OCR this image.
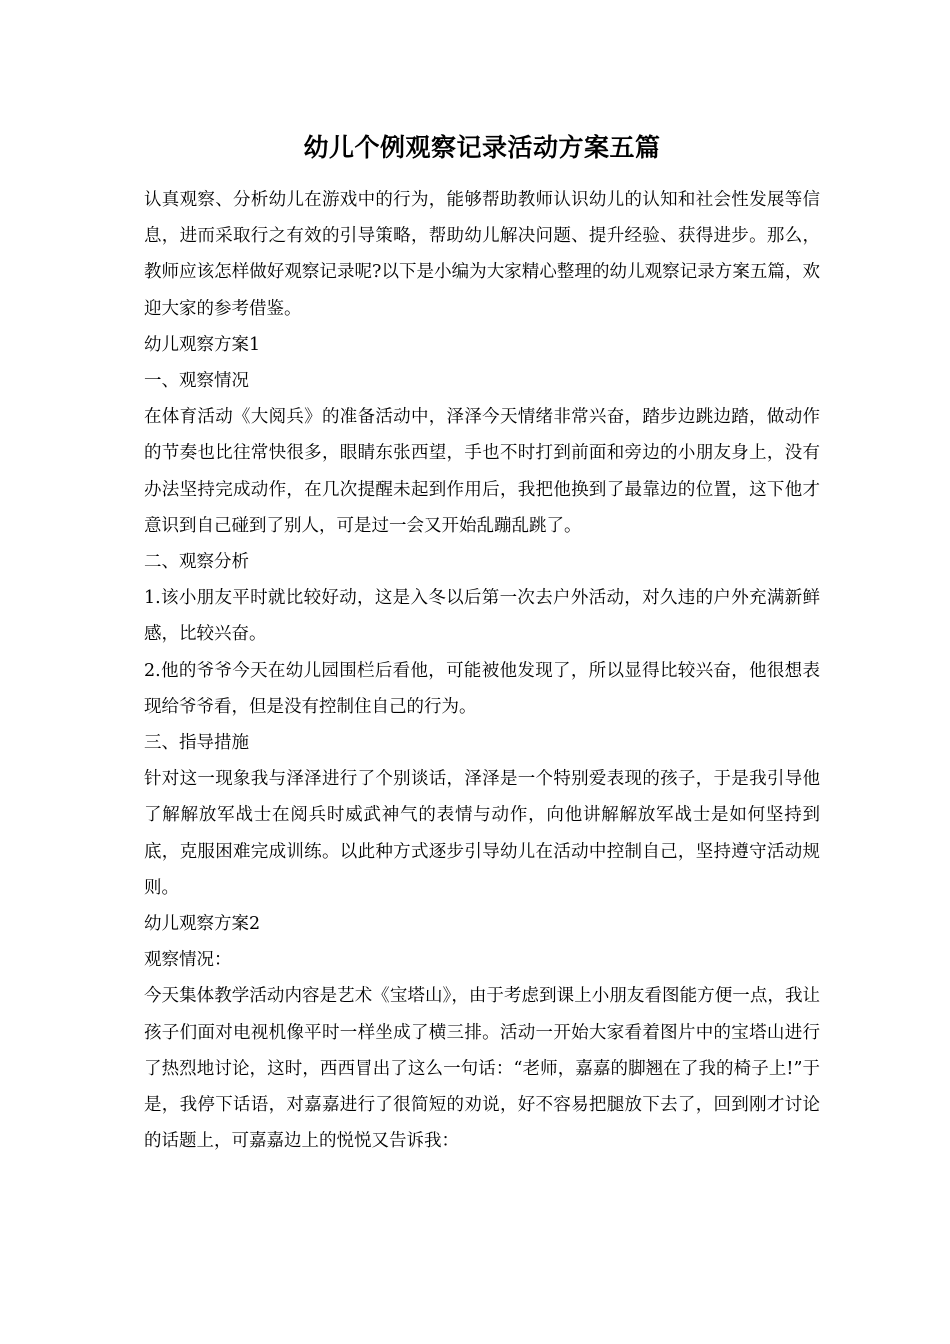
幼儿个例观察记录活动方案五篇

认真观察、分析幼儿在游戏中的行为，能够帮助教师认识幼儿的认知和社会性发展等信息，进而采取行之有效的引导策略，帮助幼儿解决问题、提升经验、获得进步。那么，教师应该怎样做好观察记录呢?以下是小编为大家精心整理的幼儿观察记录方案五篇，欢迎大家的参考借鉴。

幼儿观察方案1

一、观察情况

在体育活动《大阅兵》的准备活动中，泽泽今天情绪非常兴奋，踏步边跳边踏，做动作的节奏也比往常快很多，眼睛东张西望，手也不时打到前面和旁边的小朋友身上，没有办法坚持完成动作，在几次提醒未起到作用后，我把他换到了最靠边的位置，这下他才意识到自己碰到了别人，可是过一会又开始乱蹦乱跳了。

二、观察分析

1.该小朋友平时就比较好动，这是入冬以后第一次去户外活动，对久违的户外充满新鲜感，比较兴奋。

2.他的爷爷今天在幼儿园围栏后看他，可能被他发现了，所以显得比较兴奋，他很想表现给爷爷看，但是没有控制住自己的行为。

三、指导措施

针对这一现象我与泽泽进行了个别谈话，泽泽是一个特别爱表现的孩子，于是我引导他了解解放军战士在阅兵时威武神气的表情与动作，向他讲解解放军战士是如何坚持到底，克服困难完成训练。以此种方式逐步引导幼儿在活动中控制自己，坚持遵守活动规则。

幼儿观察方案2

观察情况：

今天集体教学活动内容是艺术《宝塔山》，由于考虑到课上小朋友看图能方便一点，我让孩子们面对电视机像平时一样坐成了横三排。活动一开始大家看着图片中的宝塔山进行了热烈地讨论，这时，西西冒出了这么一句话：“老师，嘉嘉的脚翘在了我的椅子上!”于是，我停下话语，对嘉嘉进行了很简短的劝说，好不容易把腿放下去了，回到刚才讨论的话题上，可嘉嘉边上的悦悦又告诉我：
